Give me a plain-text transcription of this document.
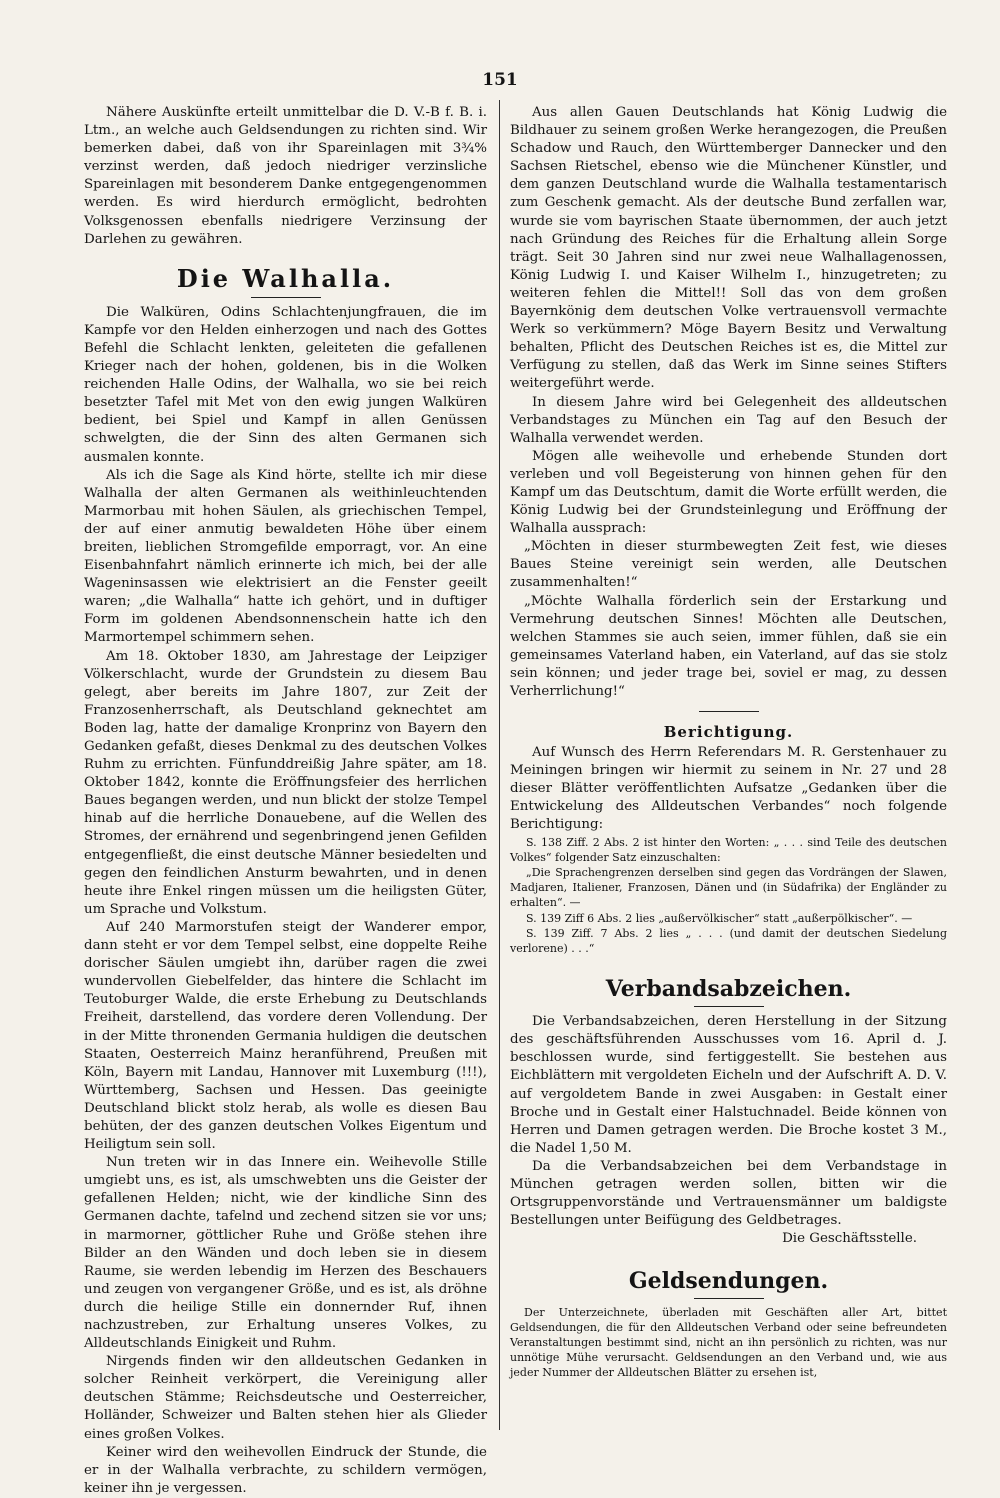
151

Nähere Auskünfte erteilt unmittelbar die D. V.-B f. B. i. Ltm., an welche auch Geldsendungen zu richten sind. Wir bemerken dabei, daß von ihr Spareinlagen mit 3¾% verzinst werden, daß jedoch niedriger verzinsliche Spareinlagen mit besonderem Danke entgegengenommen werden. Es wird hierdurch ermöglicht, bedrohten Volksgenossen ebenfalls niedrigere Verzinsung der Darlehen zu gewähren.

Die Walhalla.

Die Walküren, Odins Schlachtenjungfrauen, die im Kampfe vor den Helden einherzogen und nach des Gottes Befehl die Schlacht lenkten, geleiteten die gefallenen Krieger nach der hohen, goldenen, bis in die Wolken reichenden Halle Odins, der Walhalla, wo sie bei reich besetzter Tafel mit Met von den ewig jungen Walküren bedient, bei Spiel und Kampf in allen Genüssen schwelgten, die der Sinn des alten Germanen sich ausmalen konnte.

Als ich die Sage als Kind hörte, stellte ich mir diese Walhalla der alten Germanen als weithinleuchtenden Marmorbau mit hohen Säulen, als griechischen Tempel, der auf einer anmutig bewaldeten Höhe über einem breiten, lieblichen Stromgefilde emporragt, vor. An eine Eisenbahnfahrt nämlich erinnerte ich mich, bei der alle Wageninsassen wie elektrisiert an die Fenster geeilt waren; „die Walhalla“ hatte ich gehört, und in duftiger Form im goldenen Abendsonnenschein hatte ich den Marmortempel schimmern sehen.

Am 18. Oktober 1830, am Jahrestage der Leipziger Völkerschlacht, wurde der Grundstein zu diesem Bau gelegt, aber bereits im Jahre 1807, zur Zeit der Franzosenherrschaft, als Deutschland geknechtet am Boden lag, hatte der damalige Kronprinz von Bayern den Gedanken gefaßt, dieses Denkmal zu des deutschen Volkes Ruhm zu errichten. Fünfunddreißig Jahre später, am 18. Oktober 1842, konnte die Eröffnungsfeier des herrlichen Baues begangen werden, und nun blickt der stolze Tempel hinab auf die herrliche Donauebene, auf die Wellen des Stromes, der ernährend und segenbringend jenen Gefilden entgegenfließt, die einst deutsche Männer besiedelten und gegen den feindlichen Ansturm bewahrten, und in denen heute ihre Enkel ringen müssen um die heiligsten Güter, um Sprache und Volkstum.

Auf 240 Marmorstufen steigt der Wanderer empor, dann steht er vor dem Tempel selbst, eine doppelte Reihe dorischer Säulen umgiebt ihn, darüber ragen die zwei wundervollen Giebelfelder, das hintere die Schlacht im Teutoburger Walde, die erste Erhebung zu Deutschlands Freiheit, darstellend, das vordere deren Vollendung. Der in der Mitte thronenden Germania huldigen die deutschen Staaten, Oesterreich Mainz heranführend, Preußen mit Köln, Bayern mit Landau, Hannover mit Luxemburg (!!!), Württemberg, Sachsen und Hessen. Das geeinigte Deutschland blickt stolz herab, als wolle es diesen Bau behüten, der des ganzen deutschen Volkes Eigentum und Heiligtum sein soll.

Nun treten wir in das Innere ein. Weihevolle Stille umgiebt uns, es ist, als umschwebten uns die Geister der gefallenen Helden; nicht, wie der kindliche Sinn des Germanen dachte, tafelnd und zechend sitzen sie vor uns; in marmorner, göttlicher Ruhe und Größe stehen ihre Bilder an den Wänden und doch leben sie in diesem Raume, sie werden lebendig im Herzen des Beschauers und zeugen von vergangener Größe, und es ist, als dröhne durch die heilige Stille ein donnernder Ruf, ihnen nachzustreben, zur Erhaltung unseres Volkes, zu Alldeutschlands Einigkeit und Ruhm.

Nirgends finden wir den alldeutschen Gedanken in solcher Reinheit verkörpert, die Vereinigung aller deutschen Stämme; Reichsdeutsche und Oesterreicher, Holländer, Schweizer und Balten stehen hier als Glieder eines großen Volkes.

Keiner wird den weihevollen Eindruck der Stunde, die er in der Walhalla verbrachte, zu schildern vermögen, keiner ihn je vergessen.

Aus allen Gauen Deutschlands hat König Ludwig die Bildhauer zu seinem großen Werke herangezogen, die Preußen Schadow und Rauch, den Württemberger Dannecker und den Sachsen Rietschel, ebenso wie die Münchener Künstler, und dem ganzen Deutschland wurde die Walhalla testamentarisch zum Geschenk gemacht. Als der deutsche Bund zerfallen war, wurde sie vom bayrischen Staate übernommen, der auch jetzt nach Gründung des Reiches für die Erhaltung allein Sorge trägt. Seit 30 Jahren sind nur zwei neue Walhallagenossen, König Ludwig I. und Kaiser Wilhelm I., hinzugetreten; zu weiteren fehlen die Mittel!! Soll das von dem großen Bayernkönig dem deutschen Volke vertrauensvoll vermachte Werk so verkümmern? Möge Bayern Besitz und Verwaltung behalten, Pflicht des Deutschen Reiches ist es, die Mittel zur Verfügung zu stellen, daß das Werk im Sinne seines Stifters weitergeführt werde.

In diesem Jahre wird bei Gelegenheit des alldeutschen Verbandstages zu München ein Tag auf den Besuch der Walhalla verwendet werden.

Mögen alle weihevolle und erhebende Stunden dort verleben und voll Begeisterung von hinnen gehen für den Kampf um das Deutschtum, damit die Worte erfüllt werden, die König Ludwig bei der Grundsteinlegung und Eröffnung der Walhalla aussprach:

„Möchten in dieser sturmbewegten Zeit fest, wie dieses Baues Steine vereinigt sein werden, alle Deutschen zusammenhalten!“

„Möchte Walhalla förderlich sein der Erstarkung und Vermehrung deutschen Sinnes! Möchten alle Deutschen, welchen Stammes sie auch seien, immer fühlen, daß sie ein gemeinsames Vaterland haben, ein Vaterland, auf das sie stolz sein können; und jeder trage bei, soviel er mag, zu dessen Verherrlichung!“

Berichtigung.

Auf Wunsch des Herrn Referendars M. R. Gerstenhauer zu Meiningen bringen wir hiermit zu seinem in Nr. 27 und 28 dieser Blätter veröffentlichten Aufsatze „Gedanken über die Entwickelung des Alldeutschen Verbandes“ noch folgende Berichtigung:

S. 138 Ziff. 2 Abs. 2 ist hinter den Worten: „ . . . sind Teile des deutschen Volkes“ folgender Satz einzuschalten:

„Die Sprachengrenzen derselben sind gegen das Vordrängen der Slawen, Madjaren, Italiener, Franzosen, Dänen und (in Südafrika) der Engländer zu erhalten“. —

S. 139 Ziff 6 Abs. 2 lies „außervölkischer“ statt „außerpölkischer“. —

S. 139 Ziff. 7 Abs. 2 lies „ . . . (und damit der deutschen Siedelung verlorene) . . .“

Verbandsabzeichen.

Die Verbandsabzeichen, deren Herstellung in der Sitzung des geschäftsführenden Ausschusses vom 16. April d. J. beschlossen wurde, sind fertiggestellt. Sie bestehen aus Eichblättern mit vergoldeten Eicheln und der Aufschrift A. D. V. auf vergoldetem Bande in zwei Ausgaben: in Gestalt einer Broche und in Gestalt einer Halstuchnadel. Beide können von Herren und Damen getragen werden. Die Broche kostet 3 M., die Nadel 1,50 M.

Da die Verbandsabzeichen bei dem Verbandstage in München getragen werden sollen, bitten wir die Ortsgruppenvorstände und Vertrauensmänner um baldigste Bestellungen unter Beifügung des Geldbetrages.

Die Geschäftsstelle.

Geldsendungen.

Der Unterzeichnete, überladen mit Geschäften aller Art, bittet Geldsendungen, die für den Alldeutschen Verband oder seine befreundeten Veranstaltungen bestimmt sind, nicht an ihn persönlich zu richten, was nur unnötige Mühe verursacht. Geldsendungen an den Verband und, wie aus jeder Nummer der Alldeutschen Blätter zu ersehen ist,
